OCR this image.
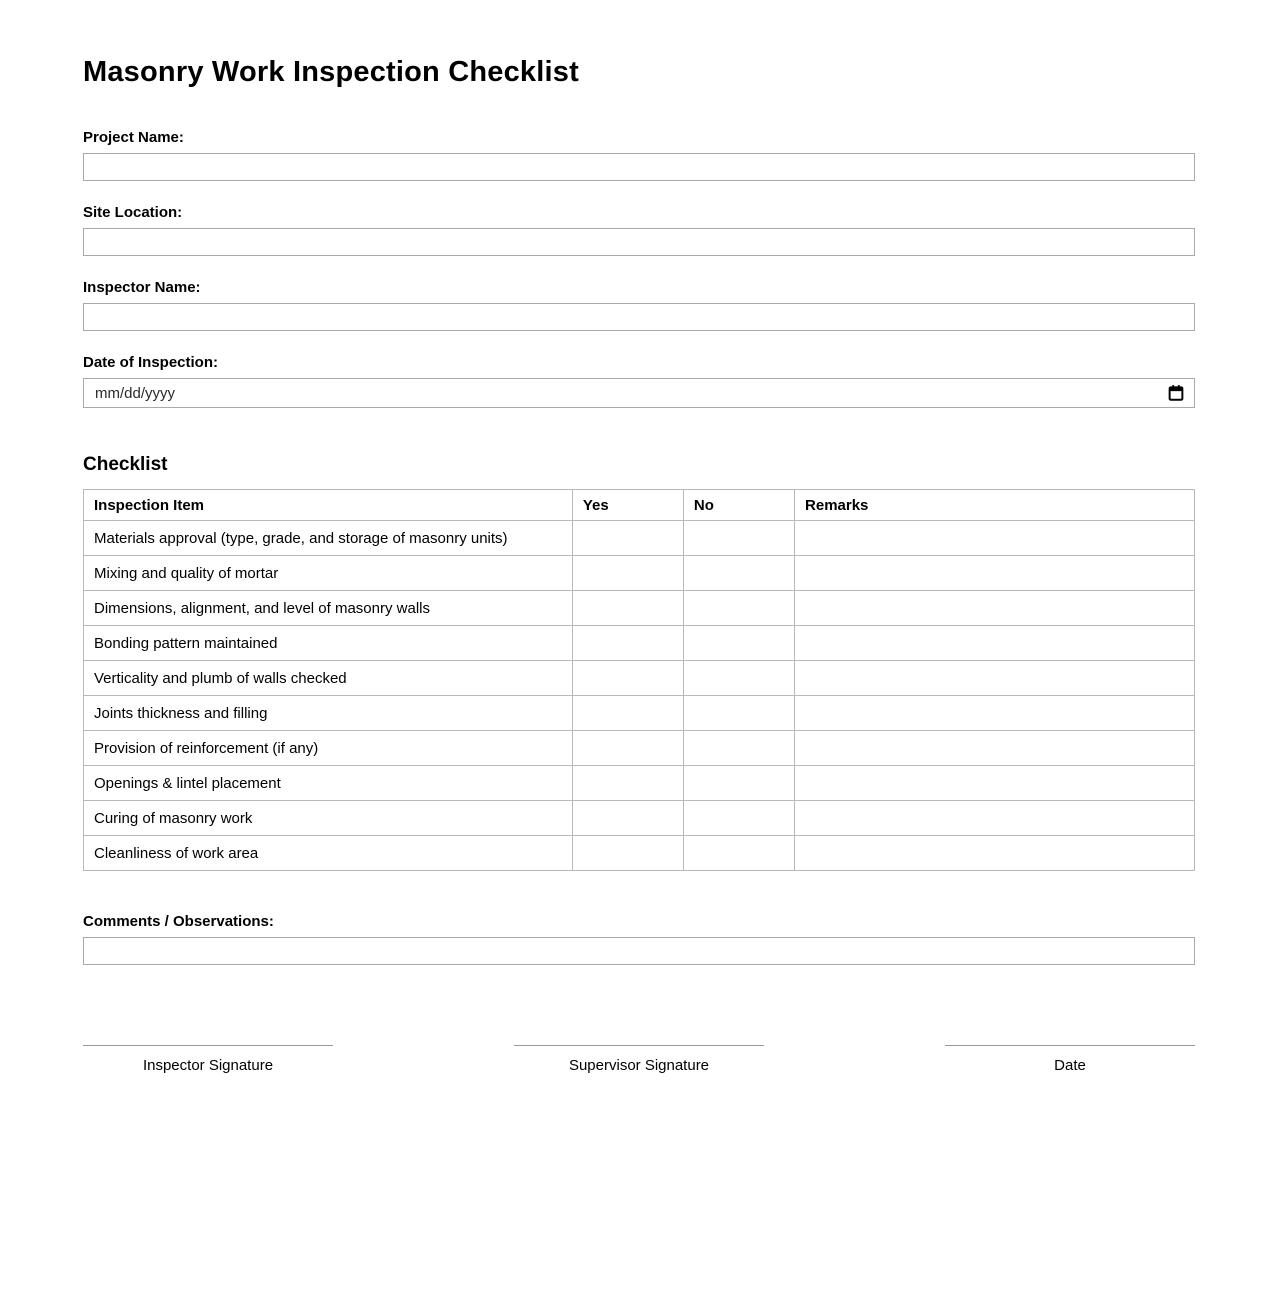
Masonry Work Inspection Checklist
Project Name:
Site Location:
Inspector Name:
Date of Inspection:
mm/dd/yyyy
Checklist
Inspection Item	Yes	No	Remarks
Materials approval (type, grade, and storage of masonry units)			
Mixing and quality of mortar			
Dimensions, alignment, and level of masonry walls			
Bonding pattern maintained			
Verticality and plumb of walls checked			
Joints thickness and filling			
Provision of reinforcement (if any)			
Openings & lintel placement			
Curing of masonry work			
Cleanliness of work area			
Comments / Observations:
Inspector Signature	Supervisor Signature	Date
